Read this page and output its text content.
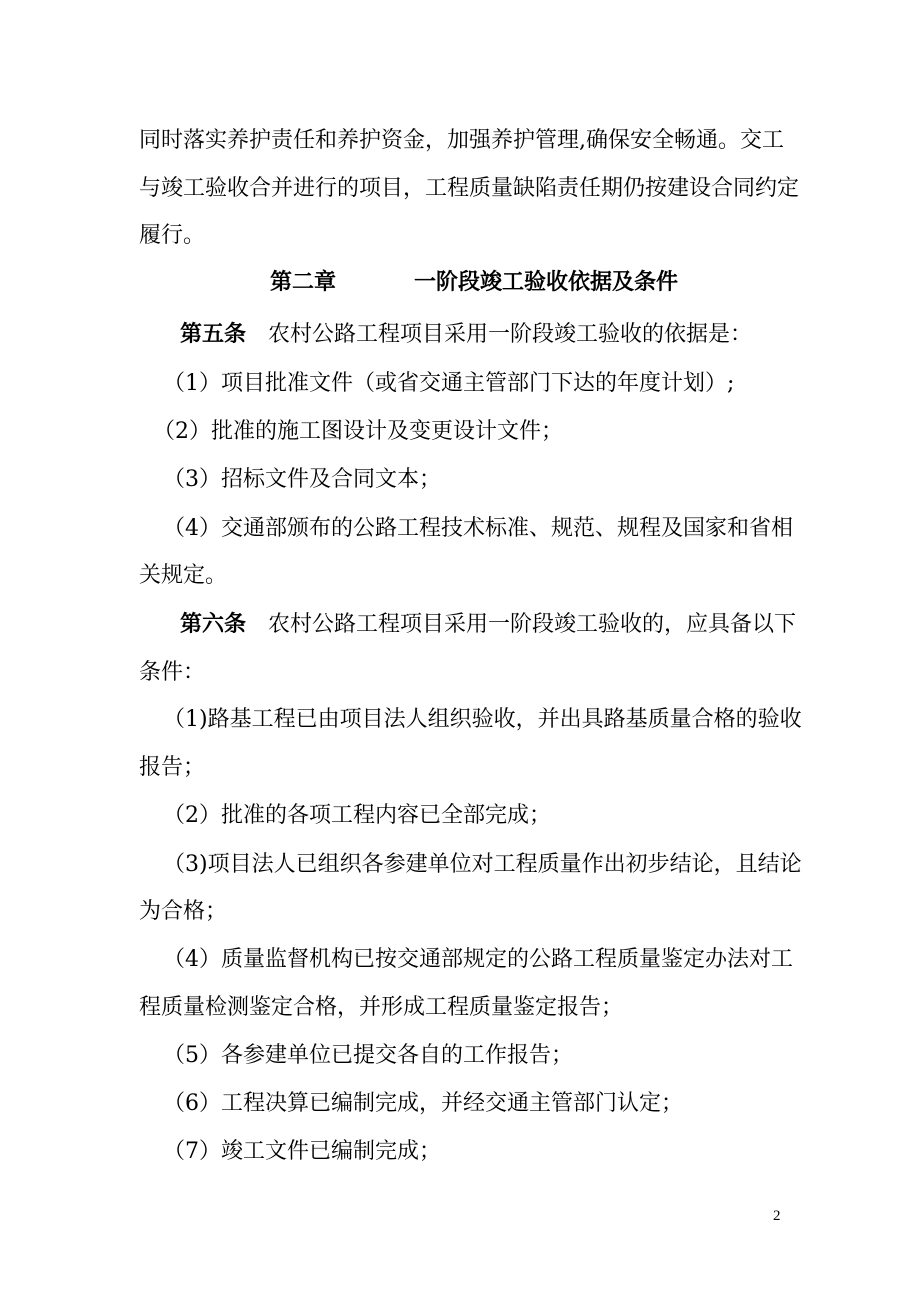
同时落实养护责任和养护资金，加强养护管理,确保安全畅通。交工
与竣工验收合并进行的项目，工程质量缺陷责任期仍按建设合同约定
履行。
第二章	一阶段竣工验收依据及条件
第五条 农村公路工程项目采用一阶段竣工验收的依据是：
（1）项目批准文件（或省交通主管部门下达的年度计划）;
（2）批准的施工图设计及变更设计文件；
（3）招标文件及合同文本；
（4）交通部颁布的公路工程技术标准、规范、规程及国家和省相
关规定。
第六条 农村公路工程项目采用一阶段竣工验收的，应具备以下
条件：
（1)路基工程已由项目法人组织验收，并出具路基质量合格的验收
报告；
（2）批准的各项工程内容已全部完成；
（3)项目法人已组织各参建单位对工程质量作出初步结论，且结论
为合格；
（4）质量监督机构已按交通部规定的公路工程质量鉴定办法对工
程质量检测鉴定合格，并形成工程质量鉴定报告；
（5）各参建单位已提交各自的工作报告；
（6）工程决算已编制完成，并经交通主管部门认定；
（7）竣工文件已编制完成；
2
